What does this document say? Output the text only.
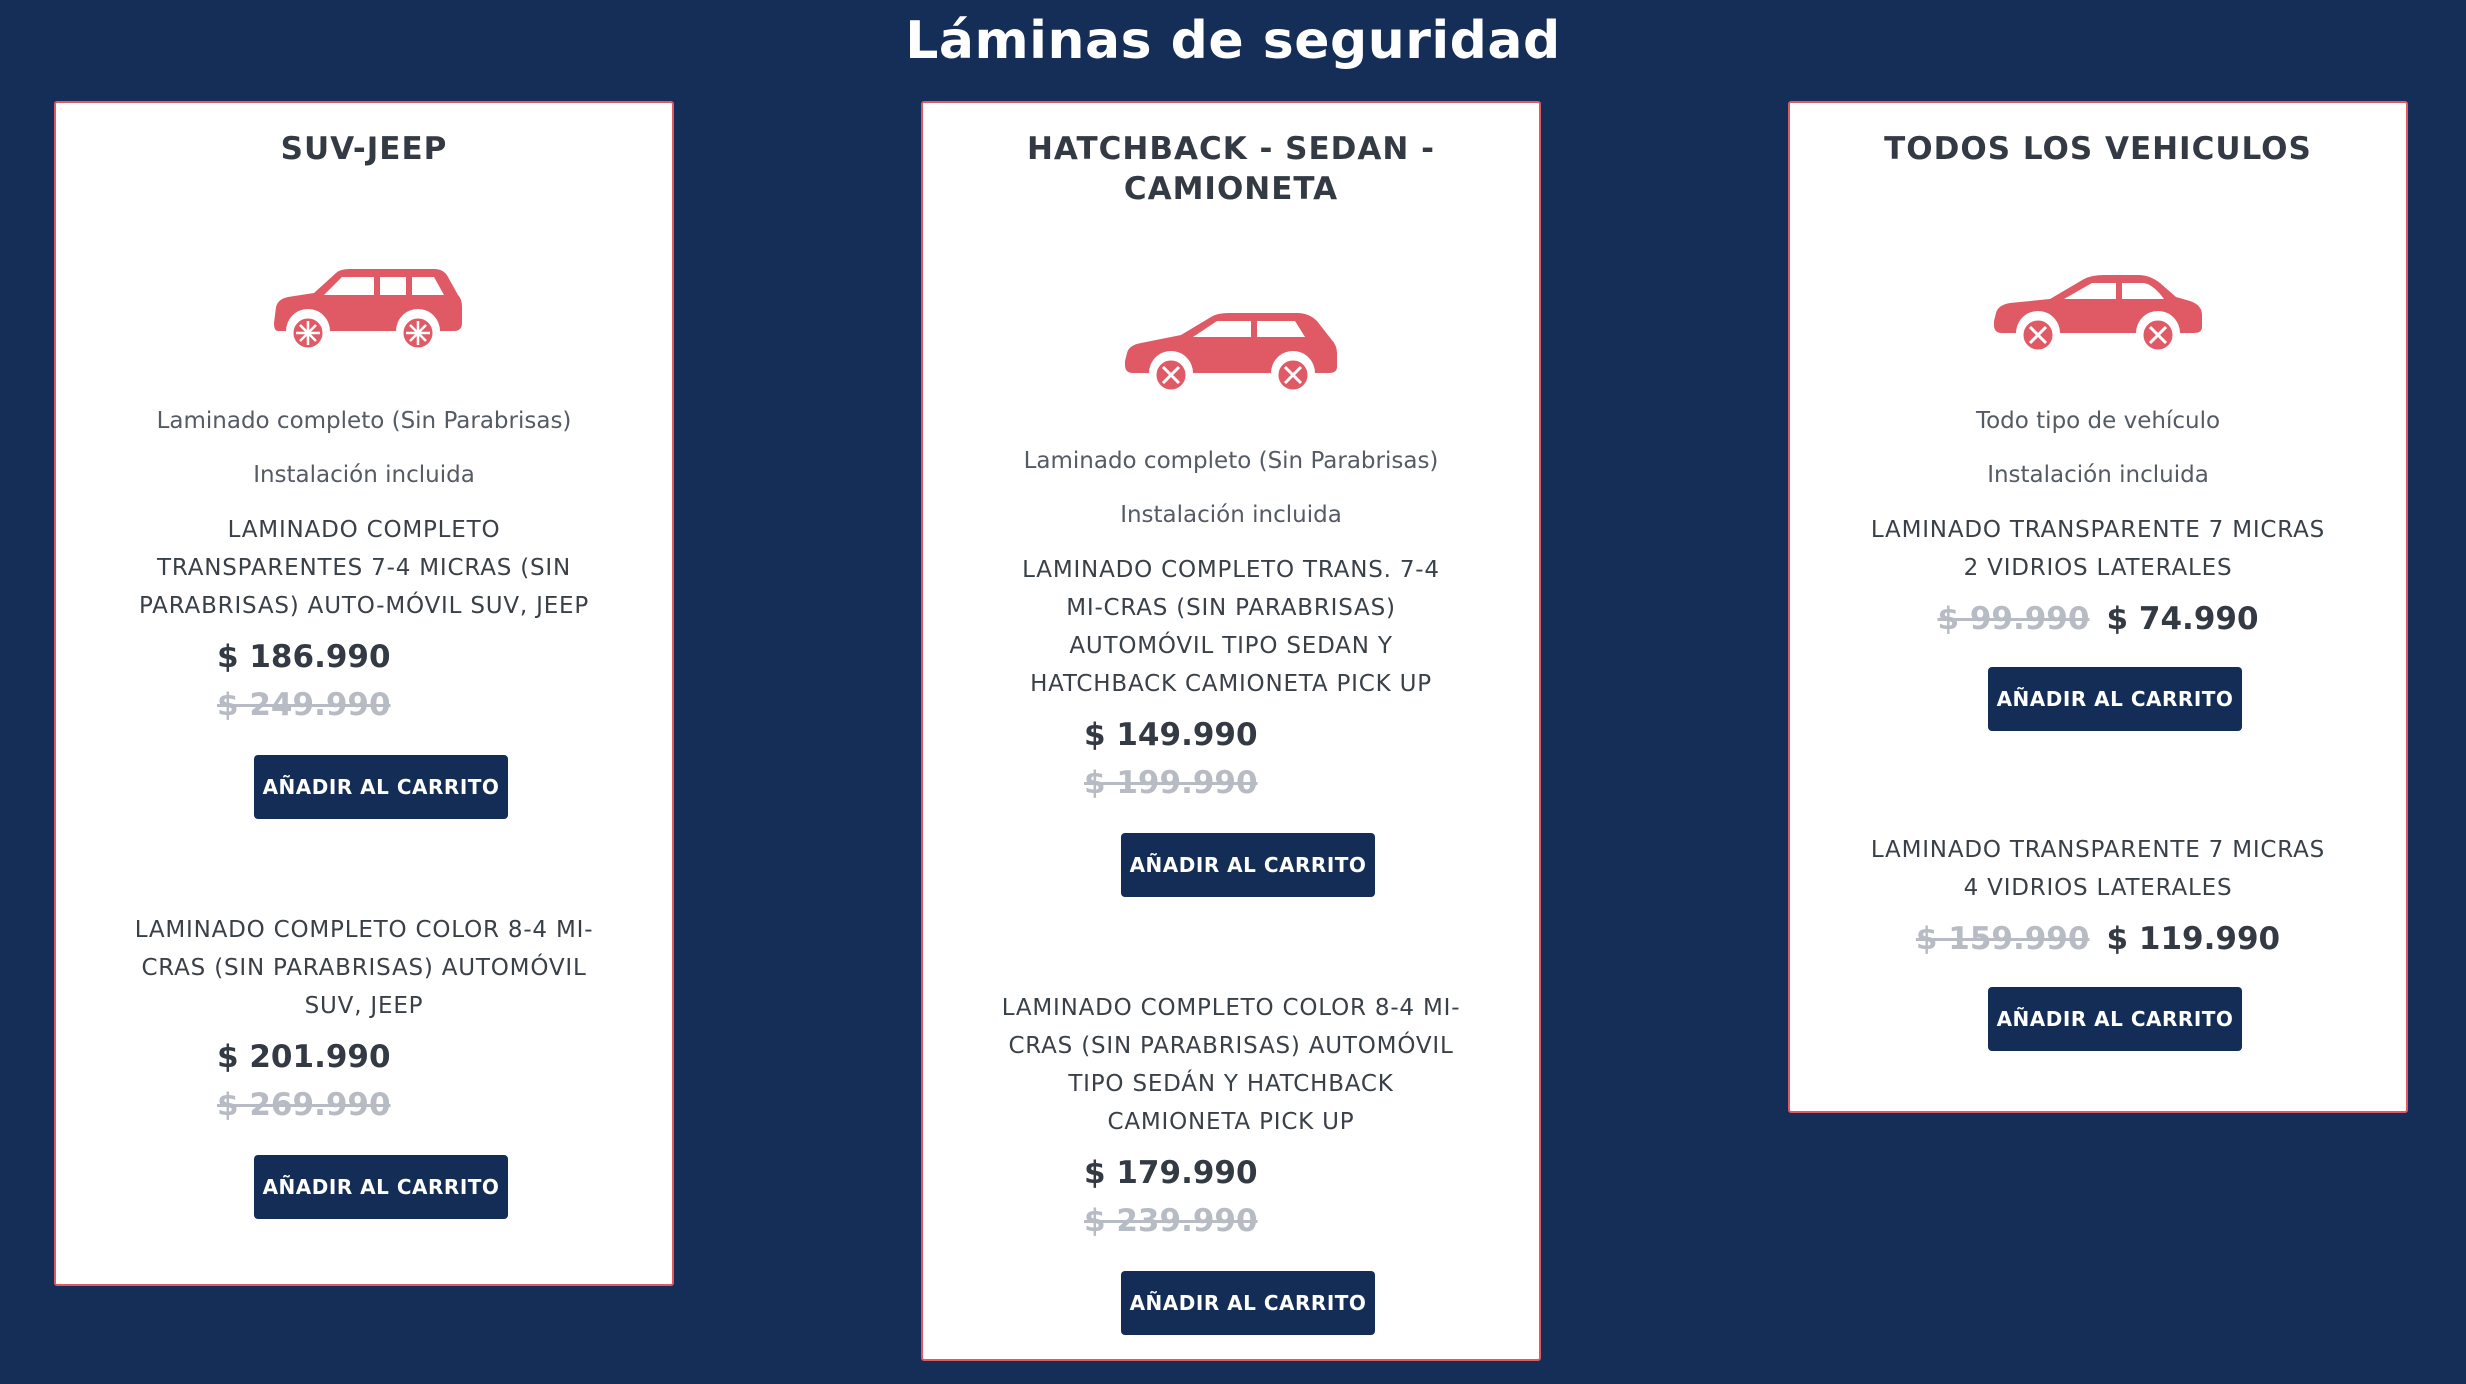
Láminas de seguridad
SUV-JEEP
Laminado completo (Sin Parabrisas)
Instalación incluida
LAMINADO COMPLETO TRANSPARENTES 7-4 MICRAS (SIN PARABRISAS) AUTO-MÓVIL SUV, JEEP
$ 186.990
$ 249.990
AÑADIR AL CARRITO
LAMINADO COMPLETO COLOR 8-4 MI-CRAS (SIN PARABRISAS) AUTOMÓVIL SUV, JEEP
$ 201.990
$ 269.990
AÑADIR AL CARRITO
HATCHBACK - SEDAN - CAMIONETA
Laminado completo (Sin Parabrisas)
Instalación incluida
LAMINADO COMPLETO TRANS. 7-4 MI-CRAS (SIN PARABRISAS) AUTOMÓVIL TIPO SEDAN Y HATCHBACK CAMIONETA PICK UP
$ 149.990
$ 199.990
AÑADIR AL CARRITO
LAMINADO COMPLETO COLOR 8-4 MI-CRAS (SIN PARABRISAS) AUTOMÓVIL TIPO SEDÁN Y HATCHBACK CAMIONETA PICK UP
$ 179.990
$ 239.990
AÑADIR AL CARRITO
TODOS LOS VEHICULOS
Todo tipo de vehículo
Instalación incluida
LAMINADO TRANSPARENTE 7 MICRAS 2 VIDRIOS LATERALES
$ 99.990 $ 74.990
AÑADIR AL CARRITO
LAMINADO TRANSPARENTE 7 MICRAS 4 VIDRIOS LATERALES
$ 159.990 $ 119.990
AÑADIR AL CARRITO
